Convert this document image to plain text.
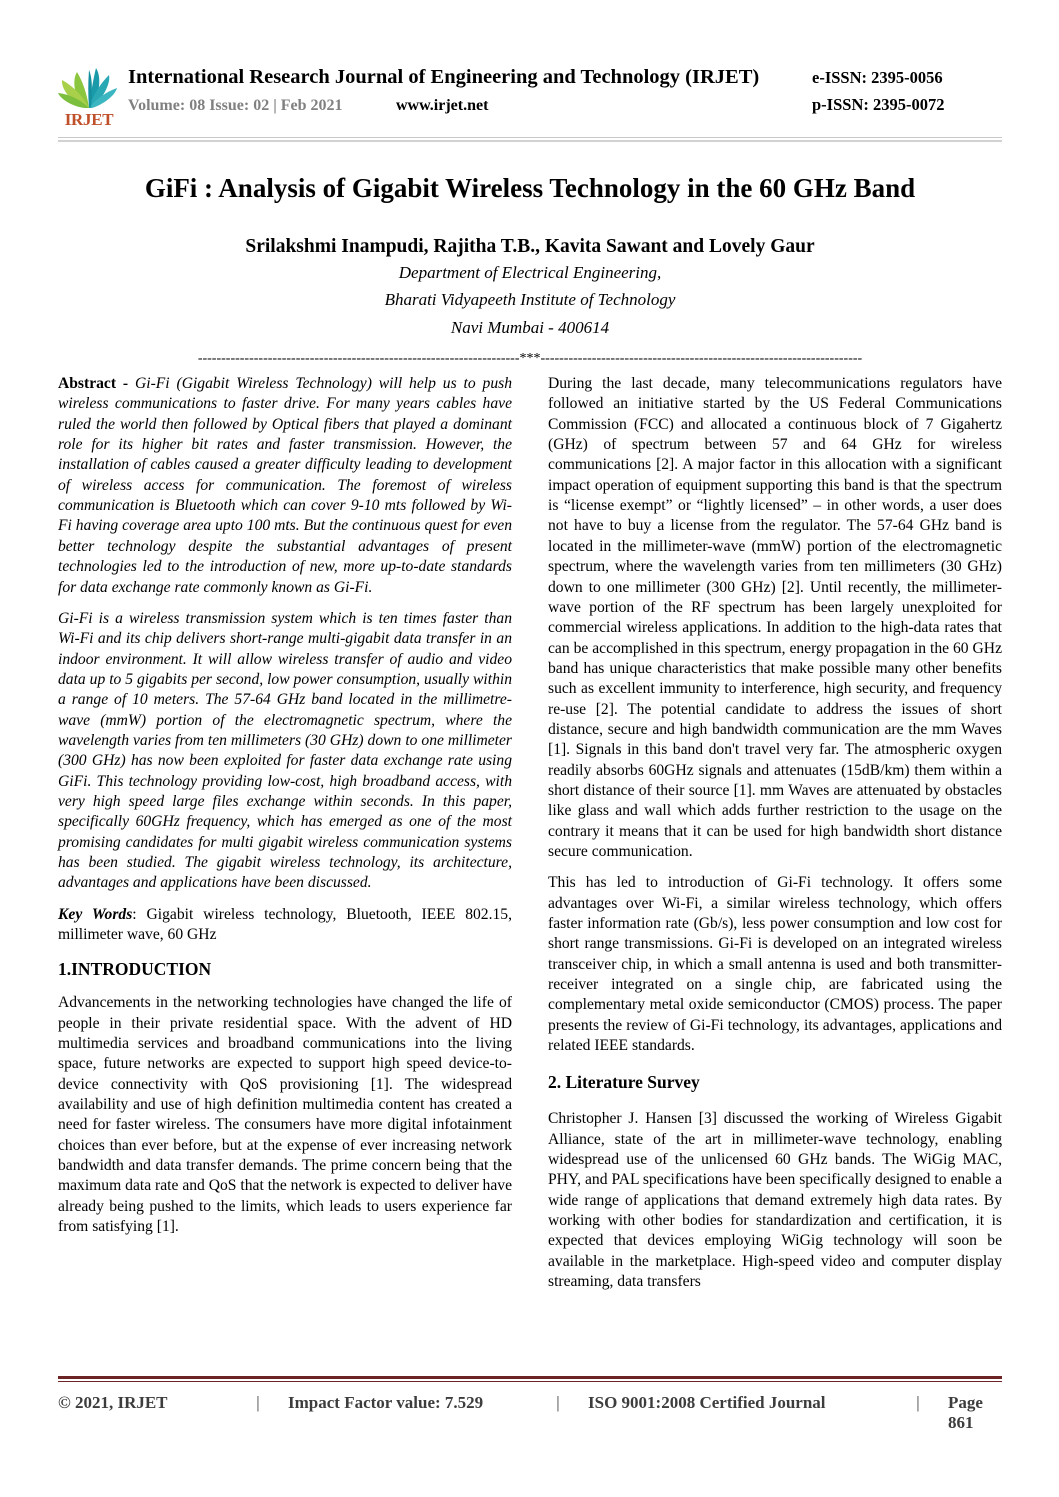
IRJET
International Research Journal of Engineering and Technology (IRJET)	e-ISSN: 2395-0056
Volume: 08 Issue: 02 | Feb 2021	www.irjet.net	p-ISSN: 2395-0072
GiFi : Analysis of Gigabit Wireless Technology in the 60 GHz Band
Srilakshmi Inampudi, Rajitha T.B., Kavita Sawant and Lovely Gaur
Department of Electrical Engineering,
Bharati Vidyapeeth Institute of Technology
Navi Mumbai - 400614
---------------------------------------------------------------------***---------------------------------------------------------------------

Abstract - Gi-Fi (Gigabit Wireless Technology) will help us to push wireless communications to faster drive. For many years cables have ruled the world then followed by Optical fibers that played a dominant role for its higher bit rates and faster transmission. However, the installation of cables caused a greater difficulty leading to development of wireless access for communication. The foremost of wireless communication is Bluetooth which can cover 9-10 mts followed by Wi-Fi having coverage area upto 100 mts. But the continuous quest for even better technology despite the substantial advantages of present technologies led to the introduction of new, more up-to-date standards for data exchange rate commonly known as Gi-Fi.

Gi-Fi is a wireless transmission system which is ten times faster than Wi-Fi and its chip delivers short-range multi-gigabit data transfer in an indoor environment. It will allow wireless transfer of audio and video data up to 5 gigabits per second, low power consumption, usually within a range of 10 meters. The 57-64 GHz band located in the millimetre-wave (mmW) portion of the electromagnetic spectrum, where the wavelength varies from ten millimeters (30 GHz) down to one millimeter (300 GHz) has now been exploited for faster data exchange rate using GiFi. This technology providing low-cost, high broadband access, with very high speed large files exchange within seconds. In this paper, specifically 60GHz frequency, which has emerged as one of the most promising candidates for multi gigabit wireless communication systems has been studied. The gigabit wireless technology, its architecture, advantages and applications have been discussed.

Key Words: Gigabit wireless technology, Bluetooth, IEEE 802.15, millimeter wave, 60 GHz

1.INTRODUCTION

Advancements in the networking technologies have changed the life of people in their private residential space. With the advent of HD multimedia services and broadband communications into the living space, future networks are expected to support high speed device-to-device connectivity with QoS provisioning [1]. The widespread availability and use of high definition multimedia content has created a need for faster wireless. The consumers have more digital infotainment choices than ever before, but at the expense of ever increasing network bandwidth and data transfer demands. The prime concern being that the maximum data rate and QoS that the network is expected to deliver have already being pushed to the limits, which leads to users experience far from satisfying [1].

During the last decade, many telecommunications regulators have followed an initiative started by the US Federal Communications Commission (FCC) and allocated a continuous block of 7 Gigahertz (GHz) of spectrum between 57 and 64 GHz for wireless communications [2]. A major factor in this allocation with a significant impact operation of equipment supporting this band is that the spectrum is “license exempt” or “lightly licensed” – in other words, a user does not have to buy a license from the regulator. The 57-64 GHz band is located in the millimeter-wave (mmW) portion of the electromagnetic spectrum, where the wavelength varies from ten millimeters (30 GHz) down to one millimeter (300 GHz) [2]. Until recently, the millimeter-wave portion of the RF spectrum has been largely unexploited for commercial wireless applications. In addition to the high-data rates that can be accomplished in this spectrum, energy propagation in the 60 GHz band has unique characteristics that make possible many other benefits such as excellent immunity to interference, high security, and frequency re-use [2]. The potential candidate to address the issues of short distance, secure and high bandwidth communication are the mm Waves [1]. Signals in this band don't travel very far. The atmospheric oxygen readily absorbs 60GHz signals and attenuates (15dB/km) them within a short distance of their source [1]. mm Waves are attenuated by obstacles like glass and wall which adds further restriction to the usage on the contrary it means that it can be used for high bandwidth short distance secure communication.

This has led to introduction of Gi-Fi technology. It offers some advantages over Wi-Fi, a similar wireless technology, which offers faster information rate (Gb/s), less power consumption and low cost for short range transmissions. Gi-Fi is developed on an integrated wireless transceiver chip, in which a small antenna is used and both transmitter- receiver integrated on a single chip, are fabricated using the complementary metal oxide semiconductor (CMOS) process. The paper presents the review of Gi-Fi technology, its advantages, applications and related IEEE standards.

2. Literature Survey

Christopher J. Hansen [3] discussed the working of Wireless Gigabit Alliance, state of the art in millimeter-wave technology, enabling widespread use of the unlicensed 60 GHz bands. The WiGig MAC, PHY, and PAL specifications have been specifically designed to enable a wide range of applications that demand extremely high data rates. By working with other bodies for standardization and certification, it is expected that devices employing WiGig technology will soon be available in the marketplace. High-speed video and computer display streaming, data transfers

© 2021, IRJET	|	Impact Factor value: 7.529	|	ISO 9001:2008 Certified Journal	|	Page 861
